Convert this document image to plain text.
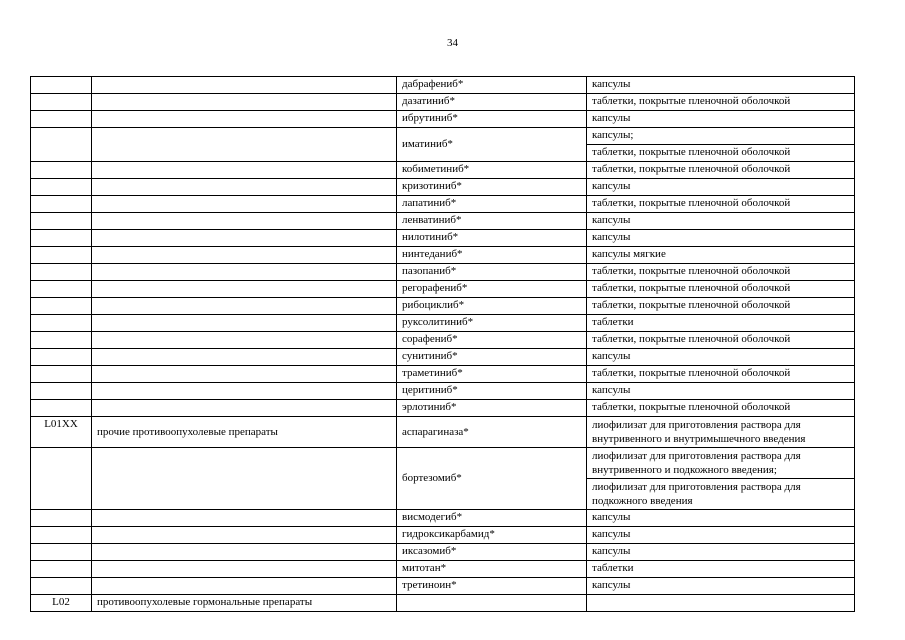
34
		дабрафениб*	капсулы
		дазатиниб*	таблетки, покрытые пленочной оболочкой
		ибрутиниб*	капсулы
		иматиниб*	капсулы;
			таблетки, покрытые пленочной оболочкой
		кобиметиниб*	таблетки, покрытые пленочной оболочкой
		кризотиниб*	капсулы
		лапатиниб*	таблетки, покрытые пленочной оболочкой
		ленватиниб*	капсулы
		нилотиниб*	капсулы
		нинтеданиб*	капсулы мягкие
		пазопаниб*	таблетки, покрытые пленочной оболочкой
		регорафениб*	таблетки, покрытые пленочной оболочкой
		рибоциклиб*	таблетки, покрытые пленочной оболочкой
		руксолитиниб*	таблетки
		сорафениб*	таблетки, покрытые пленочной оболочкой
		сунитиниб*	капсулы
		траметиниб*	таблетки, покрытые пленочной оболочкой
		церитиниб*	капсулы
		эрлотиниб*	таблетки, покрытые пленочной оболочкой
L01XX	прочие противоопухолевые препараты	аспарагиназа*	лиофилизат для приготовления раствора для внутривенного и внутримышечного введения
		бортезомиб*	лиофилизат для приготовления раствора для внутривенного и подкожного введения;
			лиофилизат для приготовления раствора для подкожного введения
		висмодегиб*	капсулы
		гидроксикарбамид*	капсулы
		иксазомиб*	капсулы
		митотан*	таблетки
		третиноин*	капсулы
L02	противоопухолевые гормональные препараты		
